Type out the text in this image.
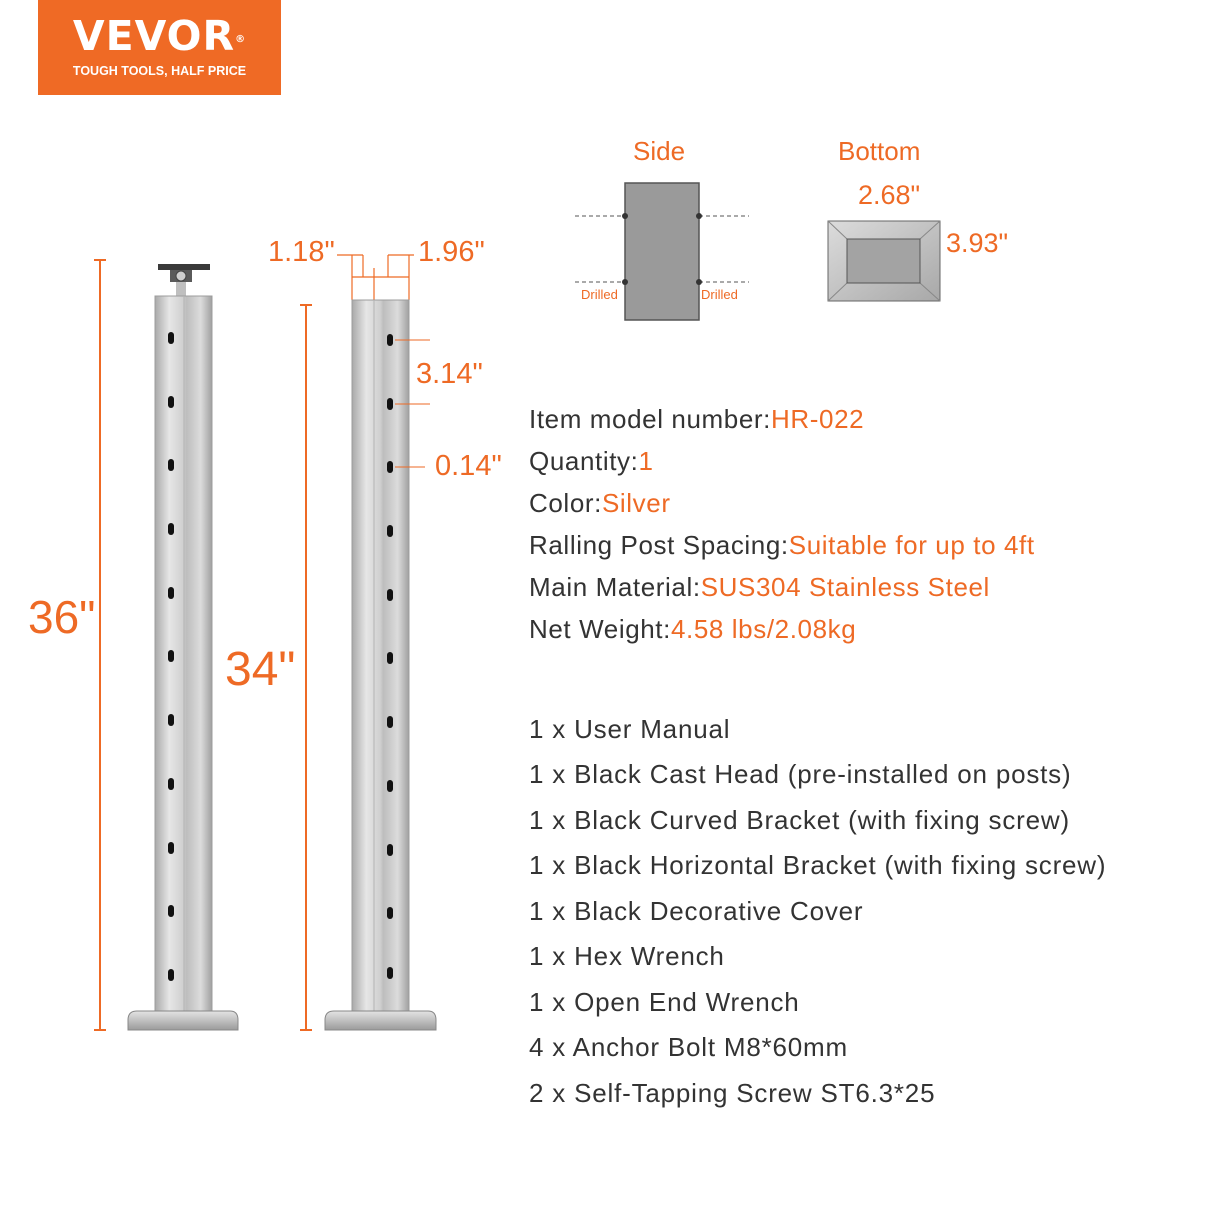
VEVOR®
TOUGH TOOLS, HALF PRICE
Side	Bottom
Drilled	Drilled
2.68"
3.93"
1.18"	1.96"
3.14"
0.14"
36"
34"
Item model number:HR-022
Quantity:1
Color:Silver
Ralling Post Spacing:Suitable for up to 4ft
Main Material:SUS304 Stainless Steel
Net Weight:4.58 lbs/2.08kg
1 x User Manual
1 x Black Cast Head (pre-installed on posts)
1 x Black Curved Bracket (with fixing screw)
1 x Black Horizontal Bracket (with fixing screw)
1 x Black Decorative Cover
1 x Hex Wrench
1 x Open End Wrench
4 x Anchor Bolt M8*60mm
2 x Self-Tapping Screw ST6.3*25
